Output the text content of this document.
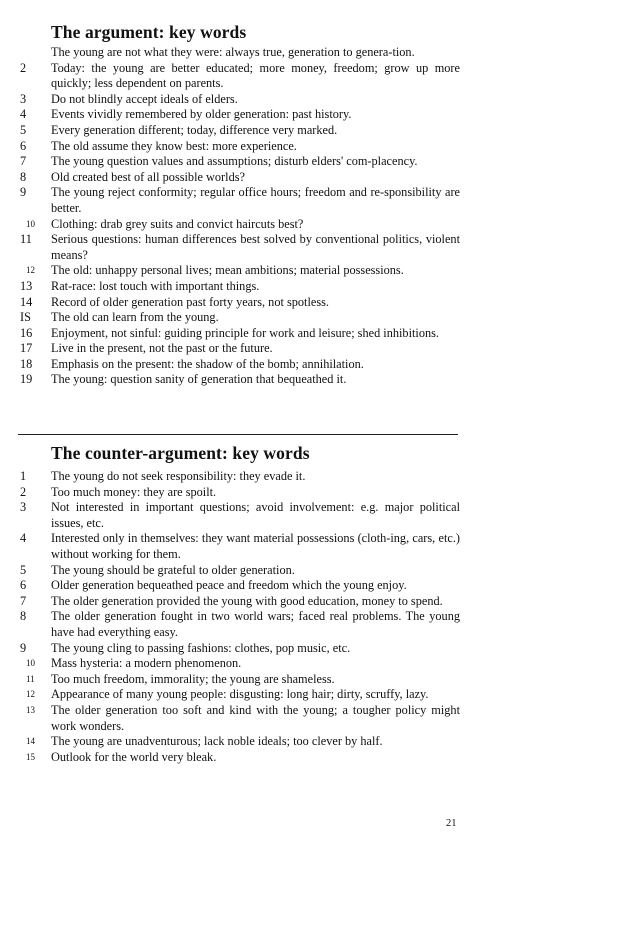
The argument: key words
The young are not what they were: always true, generation to genera-tion.
2	Today: the young are better educated; more money, freedom; grow up more quickly; less dependent on parents.
3	Do not blindly accept ideals of elders.
4	Events vividly remembered by older generation: past history.
5	Every generation different; today, difference very marked.
6	The old assume they know best: more experience.
7	The young question values and assumptions; disturb elders' com-placency.
8	Old created best of all possible worlds?
9	The young reject conformity; regular office hours; freedom and re-sponsibility are better.
10	Clothing: drab grey suits and convict haircuts best?
11	Serious questions: human differences best solved by conventional politics, violent means?
12	The old: unhappy personal lives; mean ambitions; material possessions.
13	Rat-race: lost touch with important things.
14	Record of older generation past forty years, not spotless.
IS	The old can learn from the young.
16	Enjoyment, not sinful: guiding principle for work and leisure; shed inhibitions.
17	Live in the present, not the past or the future.
18	Emphasis on the present: the shadow of the bomb; annihilation.
19	The young: question sanity of generation that bequeathed it.
The counter-argument: key words
1	The young do not seek responsibility: they evade it.
2	Too much money: they are spoilt.
3	Not interested in important questions; avoid involvement: e.g. major political issues, etc.
4	Interested only in themselves: they want material possessions (cloth-ing, cars, etc.) without working for them.
5	The young should be grateful to older generation.
6	Older generation bequeathed peace and freedom which the young enjoy.
7	The older generation provided the young with good education, money to spend.
8	The older generation fought in two world wars; faced real problems. The young have had everything easy.
9	The young cling to passing fashions: clothes, pop music, etc.
10	Mass hysteria: a modern phenomenon.
11	Too much freedom, immorality; the young are shameless.
12	Appearance of many young people: disgusting: long hair; dirty, scruffy, lazy.
13	The older generation too soft and kind with the young; a tougher policy might work wonders.
14	The young are unadventurous; lack noble ideals; too clever by half.
15	Outlook for the world very bleak.
21
